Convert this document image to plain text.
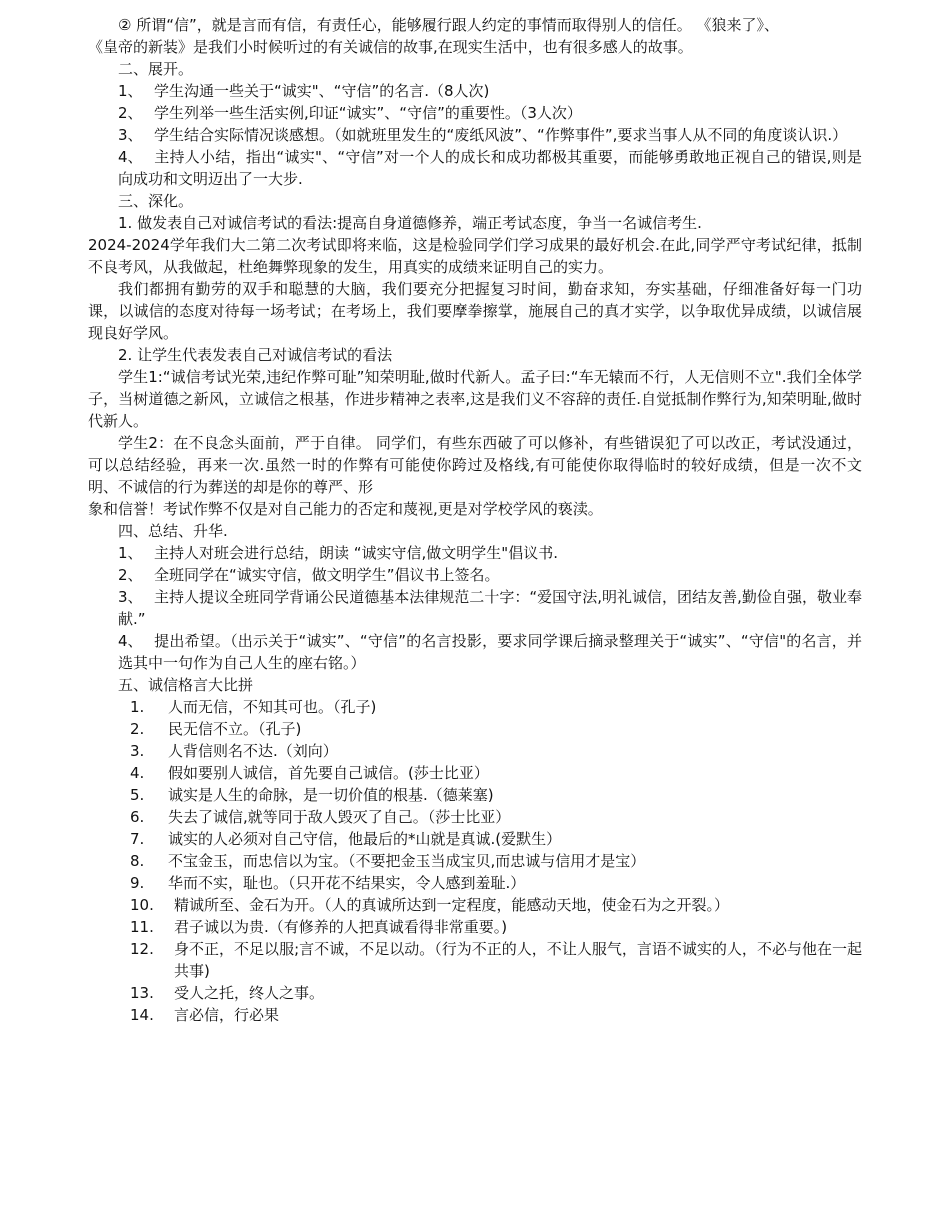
② 所谓“信”，就是言而有信，有责任心，能够履行跟人约定的事情而取得别人的信任。 《狼来了》、

《皇帝的新装》是我们小时候听过的有关诚信的故事,在现实生活中，也有很多感人的故事。

二、展开。

1、 学生沟通一些关于“诚实"、“守信”的名言.（8人次)
2、 学生列举一些生活实例,印证“诚实”、“守信”的重要性。（3人次）

3、 学生结合实际情况谈感想。（如就班里发生的“废纸风波”、“作弊事件”,要求当事人从不同的角度谈认识.）

4、 主持人小结，指出“诚实"、“守信”对一个人的成长和成功都极其重要，而能够勇敢地正视自己的错误,则是向成功和文明迈出了一大步.

三、深化。

1. 做发表自己对诚信考试的看法:提高自身道德修养，端正考试态度，争当一名诚信考生.

2024-2024学年我们大二第二次考试即将来临，这是检验同学们学习成果的最好机会.在此,同学严守考试纪律，抵制不良考风，从我做起，杜绝舞弊现象的发生，用真实的成绩来证明自己的实力。

我们都拥有勤劳的双手和聪慧的大脑，我们要充分把握复习时间，勤奋求知，夯实基础，仔细准备好每一门功课，以诚信的态度对待每一场考试；在考场上，我们要摩拳擦掌，施展自己的真才实学，以争取优异成绩，以诚信展现良好学风。

2. 让学生代表发表自己对诚信考试的看法

学生1:“诚信考试光荣,违纪作弊可耻”知荣明耻,做时代新人。孟子曰:“车无辕而不行，人无信则不立".我们全体学子，当树道德之新风，立诚信之根基，作进步精神之表率,这是我们义不容辞的责任.自觉抵制作弊行为,知荣明耻,做时代新人。

学生2：在不良念头面前，严于自律。 同学们，有些东西破了可以修补，有些错误犯了可以改正，考试没通过，可以总结经验，再来一次.虽然一时的作弊有可能使你跨过及格线,有可能使你取得临时的较好成绩，但是一次不文明、不诚信的行为葬送的却是你的尊严、形

象和信誉！考试作弊不仅是对自己能力的否定和蔑视,更是对学校学风的亵渎。

四、总结、升华.

1、 主持人对班会进行总结，朗读 “诚实守信,做文明学生"倡议书.
2、 全班同学在“诚实守信，做文明学生”倡议书上签名。

3、 主持人提议全班同学背诵公民道德基本法律规范二十字：“爱国守法,明礼诚信，团结友善,勤俭自强，敬业奉献.”

4、 提出希望。（出示关于“诚实”、“守信”的名言投影，要求同学课后摘录整理关于“诚实”、“守信"的名言，并选其中一句作为自己人生的座右铭。）

五、诚信格言大比拼

1.	人而无信，不知其可也。（孔子)
2.	民无信不立。（孔子)
3.	人背信则名不达.（刘向）
4.	假如要别人诚信，首先要自己诚信。(莎士比亚）
5.	诚实是人生的命脉，是一切价值的根基.（德莱塞)
6.	失去了诚信,就等同于敌人毁灭了自己。（莎士比亚）
7.	诚实的人必须对自己守信，他最后的*山就是真诚.(爱默生）
8.	不宝金玉，而忠信以为宝。（不要把金玉当成宝贝,而忠诚与信用才是宝）
9.	华而不实，耻也。（只开花不结果实，令人感到羞耻.）
10.	精诚所至、金石为开。（人的真诚所达到一定程度，能感动天地，使金石为之开裂。）
11.	君子诚以为贵.（有修养的人把真诚看得非常重要。)
12.	身不正，不足以服;言不诚，不足以动。（行为不正的人，不让人服气，言语不诚实的人，不必与他在一起共事)
13.	受人之托，终人之事。
14.	言必信，行必果
